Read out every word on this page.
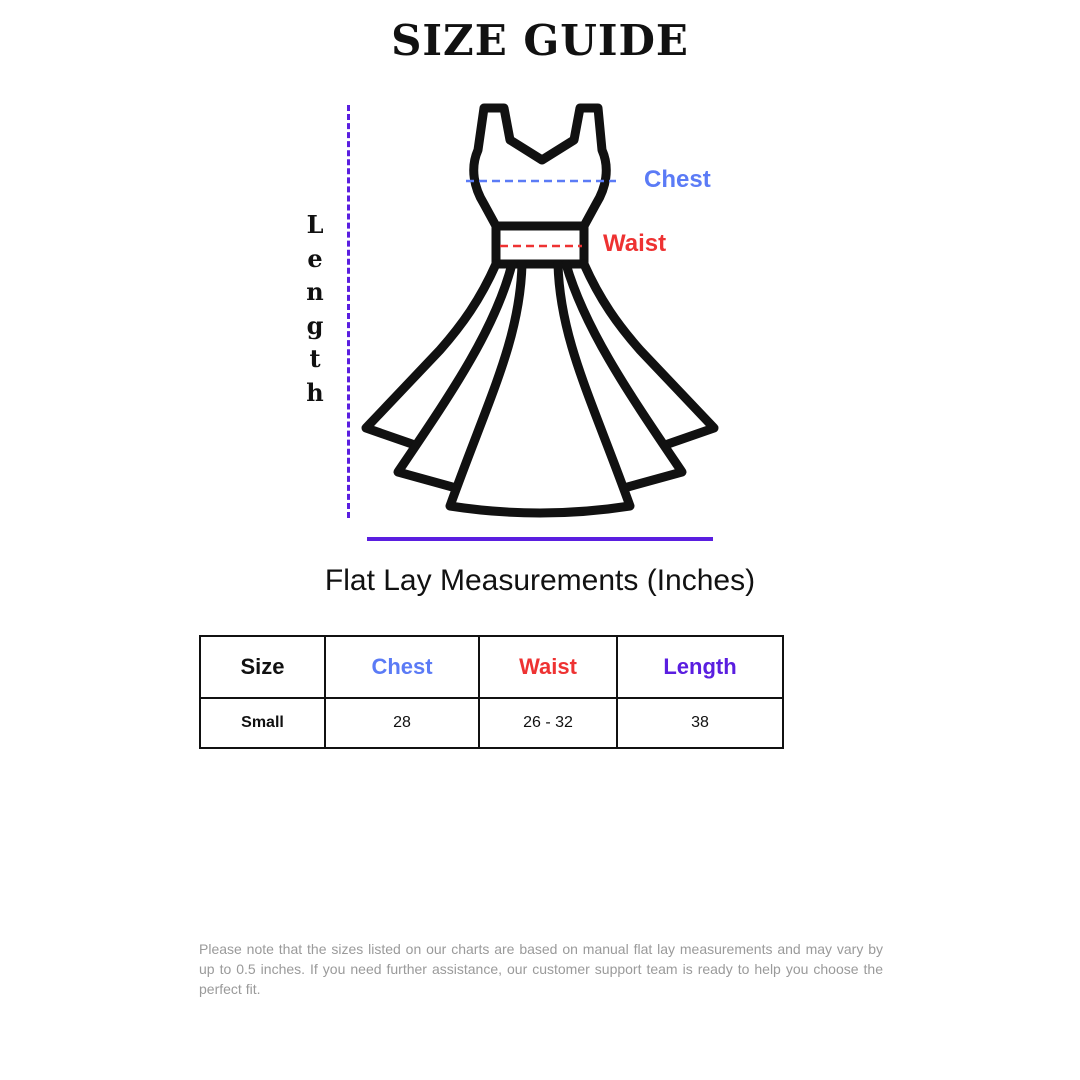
SIZE GUIDE
L
e
n
g
t
h
Chest
Waist
Flat Lay Measurements (Inches)
Size	Chest	Waist	Length
Small	28	26 - 32	38
Please note that the sizes listed on our charts are based on manual flat lay measurements and may vary by up to 0.5 inches. If you need further assistance, our customer support team is ready to help you choose the perfect fit.
